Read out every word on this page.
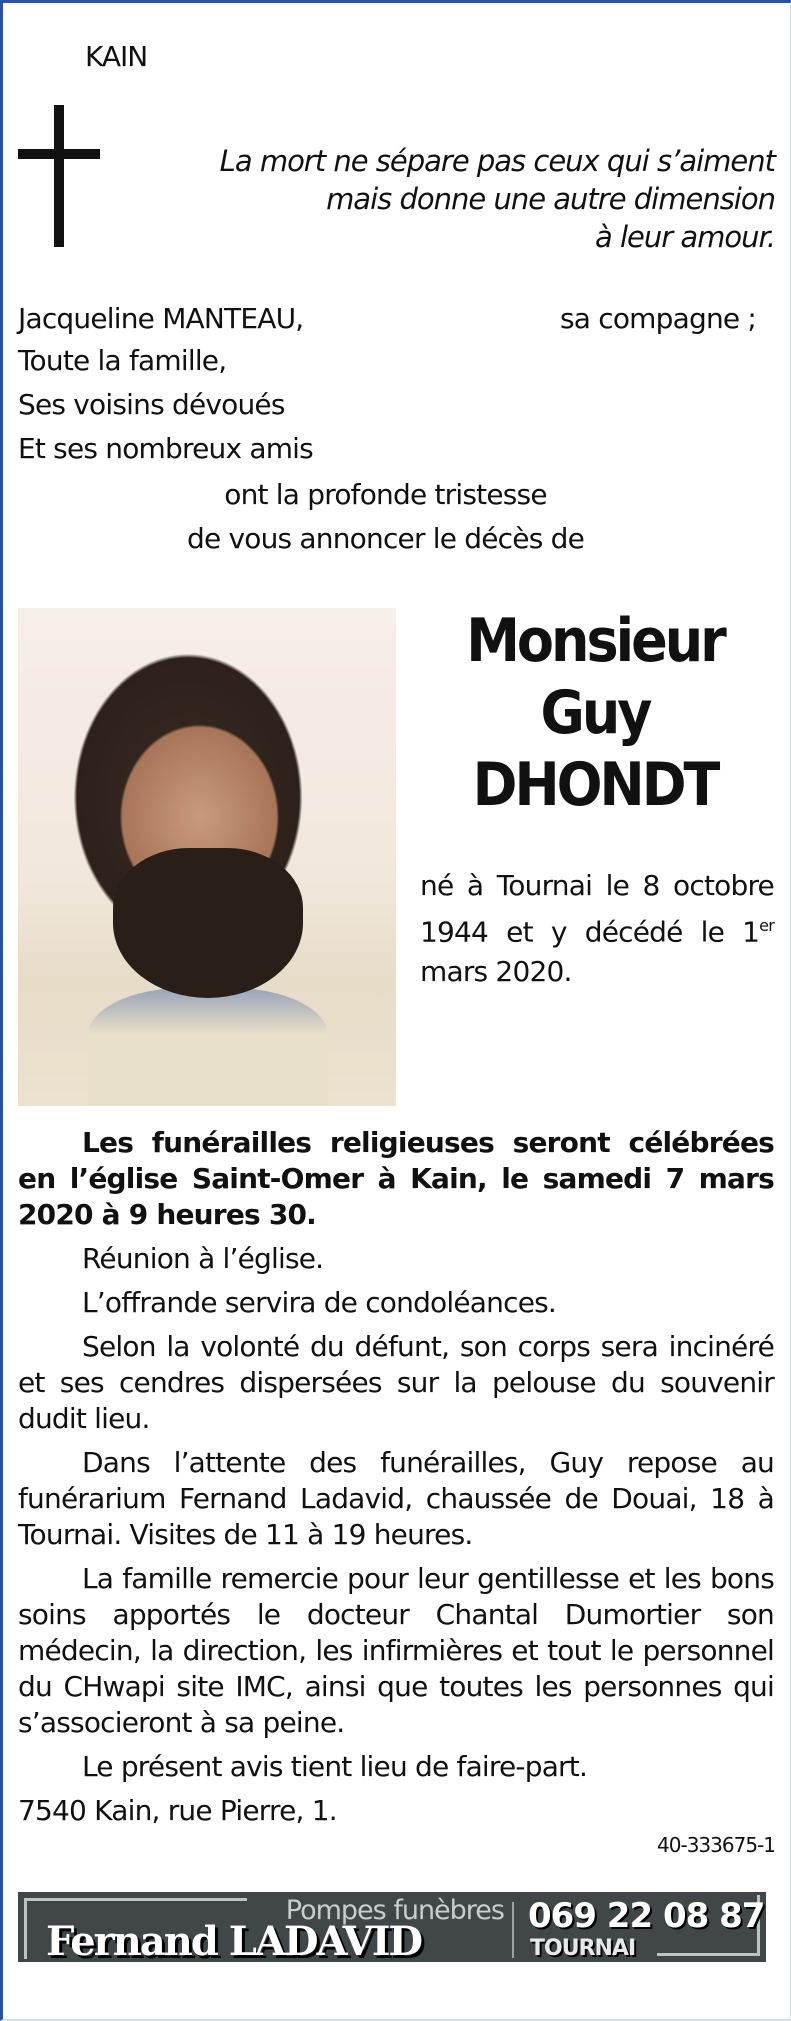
KAIN
La mort ne sépare pas ceux qui s’aiment
mais donne une autre dimension
à leur amour.
Jacqueline MANTEAU,	sa compagne ;
Toute la famille,
Ses voisins dévoués
Et ses nombreux amis
ont la profonde tristesse
de vous annoncer le décès de
Monsieur
Guy
DHONDT
né à Tournai le 8 octobre 1944 et y décédé le 1er mars 2020.

Les funérailles religieuses seront célébrées en l’église Saint-Omer à Kain, le samedi 7 mars 2020 à 9 heures 30.

Réunion à l’église.

L’offrande servira de condoléances.

Selon la volonté du défunt, son corps sera incinéré et ses cendres dispersées sur la pelouse du souvenir dudit lieu.

Dans l’attente des funérailles, Guy repose au funérarium Fernand Ladavid, chaussée de Douai, 18 à Tournai. Visites de 11 à 19 heures.

La famille remercie pour leur gentillesse et les bons soins apportés le docteur Chantal Dumortier son médecin, la direction, les infirmières et tout le personnel du CHwapi site IMC, ainsi que toutes les personnes qui s’associeront à sa peine.

Le présent avis tient lieu de faire-part.

7540 Kain, rue Pierre, 1.

40-333675-1
Pompes funèbres
Fernand LADAVID
069 22 08 87
TOURNAI
